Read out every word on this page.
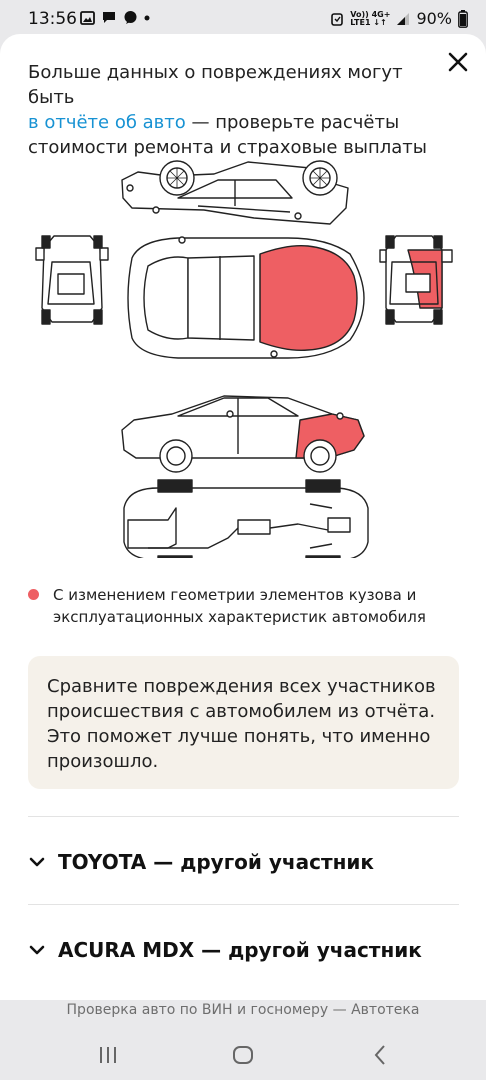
13:56	Vo)) 4G+
LTE1 ↓↑ 90%

Больше данных о повреждениях могут быть
в отчёте об авто — проверьте расчёты стоимости ремонта и страховые выплаты

С изменением геометрии элементов кузова и эксплуатационных характеристик автомобиля
Сравните повреждения всех участников происшествия с автомобилем из отчёта. Это поможет лучше понять, что именно произошло.
TOYOTA — другой участник
ACURA MDX — другой участник
Проверка авто по ВИН и госномеру — Автотека
